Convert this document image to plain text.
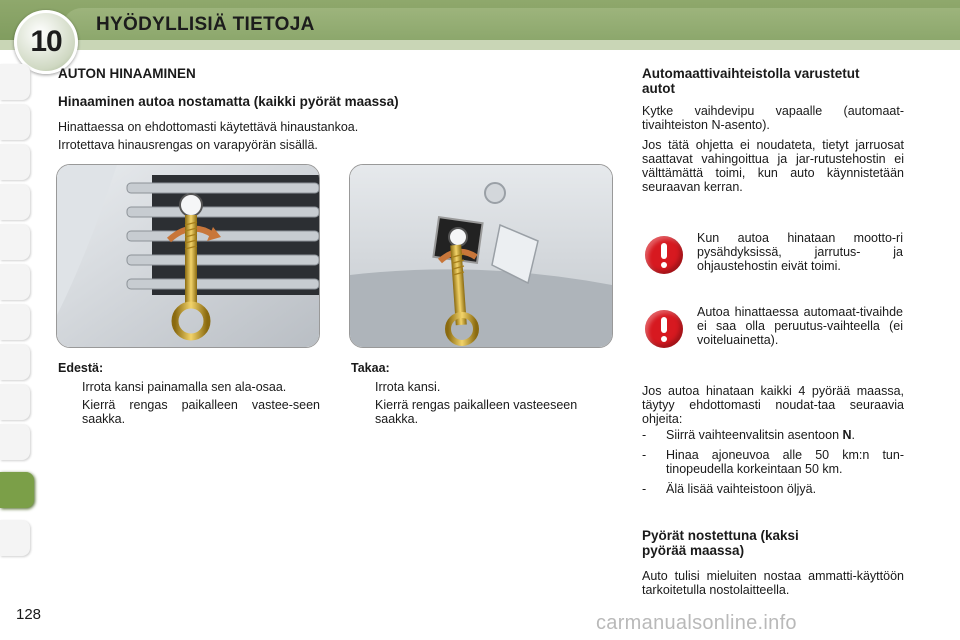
10
HYÖDYLLISIÄ TIETOJA
AUTON HINAAMINEN
Hinaaminen autoa nostamatta (kaikki pyörät maassa)
Hinattaessa on ehdottomasti käytettävä hinaustankoa.
Irrotettava hinausrengas on varapyörän sisällä.
Edestä:
Irrota kansi painamalla sen ala-osaa.
Kierrä rengas paikalleen vastee-seen saakka.
Takaa:
Irrota kansi.
Kierrä rengas paikalleen vasteeseen saakka.
Automaattivaihteistolla varustetut autot
Kytke vaihdevipu vapaalle (automaat-tivaihteiston N-asento).
Jos tätä ohjetta ei noudateta, tietyt jarruosat saattavat vahingoittua ja jar-rutustehostin ei välttämättä toimi, kun auto käynnistetään seuraavan kerran.
Kun autoa hinataan mootto-ri pysähdyksissä, jarrutus- ja ohjaustehostin eivät toimi.
Autoa hinattaessa automaat-tivaihde ei saa olla peruutus-vaihteella (ei voiteluainetta).
Jos autoa hinataan kaikki 4 pyörää maassa, täytyy ehdottomasti noudat-taa seuraavia ohjeita:
- Siirrä vaihteenvalitsin asentoon N.
- Hinaa ajoneuvoa alle 50 km:n tun-tinopeudella korkeintaan 50 km.
- Älä lisää vaihteistoon öljyä.
Pyörät nostettuna (kaksi pyörää maassa)
Auto tulisi mieluiten nostaa ammatti-käyttöön tarkoitetulla nostolaitteella.
128	carmanualsonline.info
